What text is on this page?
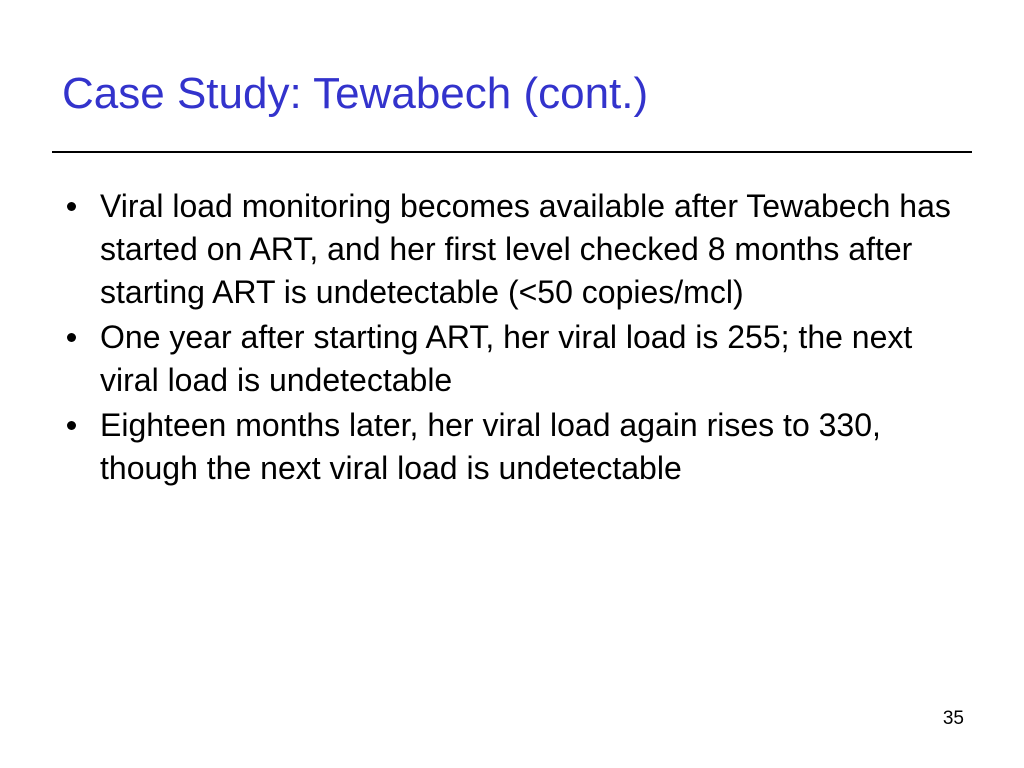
Case Study: Tewabech (cont.)
Viral load monitoring becomes available after Tewabech has started on ART, and her first level checked 8 months after starting ART is undetectable (<50 copies/mcl)
One year after starting ART, her viral load is 255; the next viral load is undetectable
Eighteen months later, her viral load again rises to 330, though the next viral load is undetectable
35
